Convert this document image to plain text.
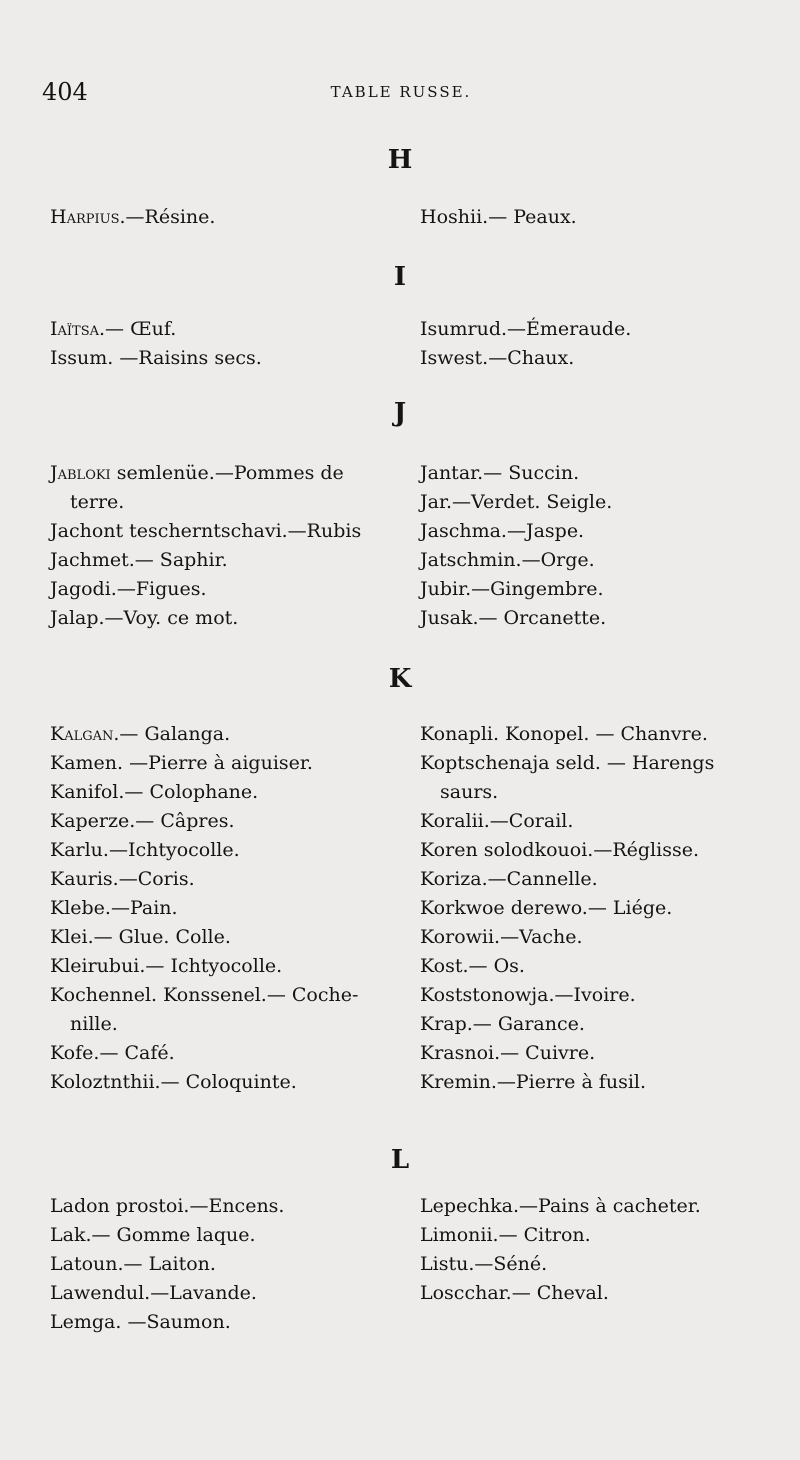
404	TABLE RUSSE.
H
Harpius.—Résine.	Hoshii.— Peaux.
I
Iaïtsa.— Œuf.
Issum. —Raisins secs.
Isumrud.—Émeraude.
Iswest.—Chaux.
J
Jabloki semlenüe.—Pommes de terre.
Jachont tescherntschavi.—Rubis
Jachmet.— Saphir.
Jagodi.—Figues.
Jalap.—Voy. ce mot.
Jantar.— Succin.
Jar.—Verdet. Seigle.
Jaschma.—Jaspe.
Jatschmin.—Orge.
Jubir.—Gingembre.
Jusak.— Orcanette.
K
Kalgan.— Galanga.
Kamen. —Pierre à aiguiser.
Kanifol.— Colophane.
Kaperze.— Câpres.
Karlu.—Ichtyocolle.
Kauris.—Coris.
Klebe.—Pain.
Klei.— Glue. Colle.
Kleirubui.— Ichtyocolle.
Kochennel. Konssenel.— Coche-nille.
Kofe.— Café.
Koloztnthii.— Coloquinte.
Konapli. Konopel. — Chanvre.
Koptschenaja seld. — Harengs saurs.
Koralii.—Corail.
Koren solodkouoi.—Réglisse.
Koriza.—Cannelle.
Korkwoe derewo.— Liége.
Korowii.—Vache.
Kost.— Os.
Koststonowja.—Ivoire.
Krap.— Garance.
Krasnoi.— Cuivre.
Kremin.—Pierre à fusil.
L
Ladon prostoi.—Encens.
Lak.— Gomme laque.
Latoun.— Laiton.
Lawendul.—Lavande.
Lemga. —Saumon.
Lepechka.—Pains à cacheter.
Limonii.— Citron.
Listu.—Séné.
Loscchar.— Cheval.
